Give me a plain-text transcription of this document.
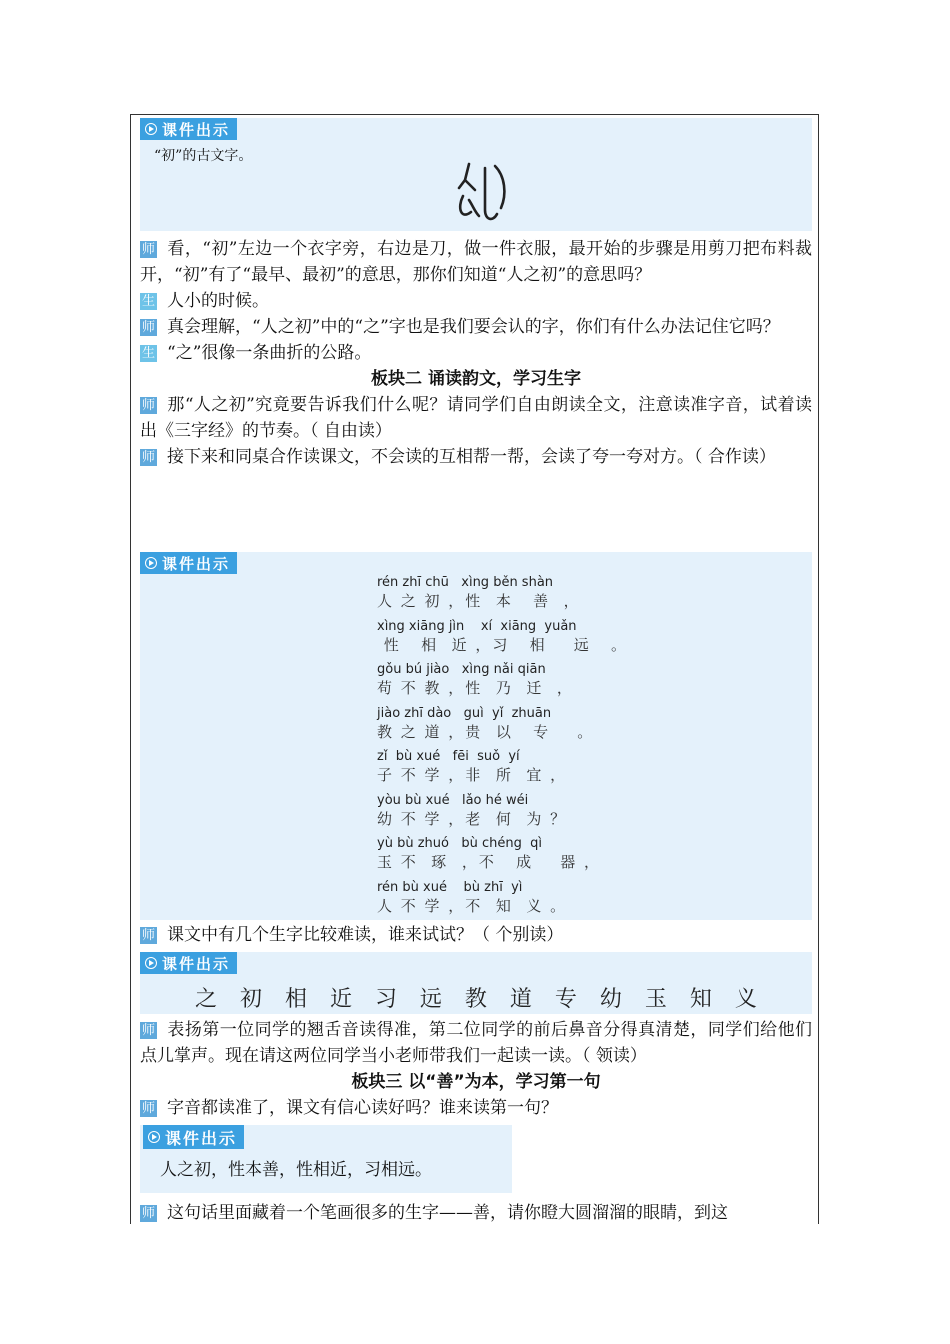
课件出示
“初”的古文字。

师 看，“初”左边一个衣字旁，右边是刀，做一件衣服，最开始的步骤是用剪刀把布料裁开，“初”有了“最早、最初”的意思，那你们知道“人之初”的意思吗？

生 人小的时候。

师 真会理解，“人之初”中的“之”字也是我们要会认的字，你们有什么办法记住它吗？

生 “之”很像一条曲折的公路。

板块二 诵读韵文，学习生字

师 那“人之初”究竟要告诉我们什么呢？请同学们自由朗读全文，注意读准字音，试着读出《三字经》的节奏。（ 自由读）

师 接下来和同桌合作读课文，不会读的互相帮一帮，会读了夸一夸对方。（ 合作读）

课件出示
rén zhī chū   xìng běn shàn
人 之 初 ，性  本   善  ，
xìng xiāng jìn    xí  xiāng  yuǎn
性   相  近 ，习   相    远   。
gǒu bú jiào   xìng nǎi qiān
苟 不 教 ，性  乃  迁  ，
jiào zhī dào   guì  yǐ  zhuān
教 之 道 ，贵  以   专    。
zǐ  bù xué   fēi  suǒ  yí
子 不 学 ，非  所  宜 ，
yòu bù xué   lǎo hé wéi
幼 不 学 ，老  何  为 ？
yù bù zhuó   bù chéng  qì
玉 不  琢  ，不   成    器 ，
rén bù xué    bù zhī  yì
人 不 学 ，不  知  义 。

师 课文中有几个生字比较难读，谁来试试？（ 个别读）

课件出示
之 初 相 近 习 远 教 道 专 幼 玉 知 义

师 表扬第一位同学的翘舌音读得准，第二位同学的前后鼻音分得真清楚，同学们给他们点儿掌声。现在请这两位同学当小老师带我们一起读一读。（ 领读）

板块三 以“善”为本，学习第一句

师 字音都读准了，课文有信心读好吗？谁来读第一句？

课件出示
人之初，性本善，性相近，习相远。

师 这句话里面藏着一个笔画很多的生字——善，请你瞪大圆溜溜的眼睛，到这
